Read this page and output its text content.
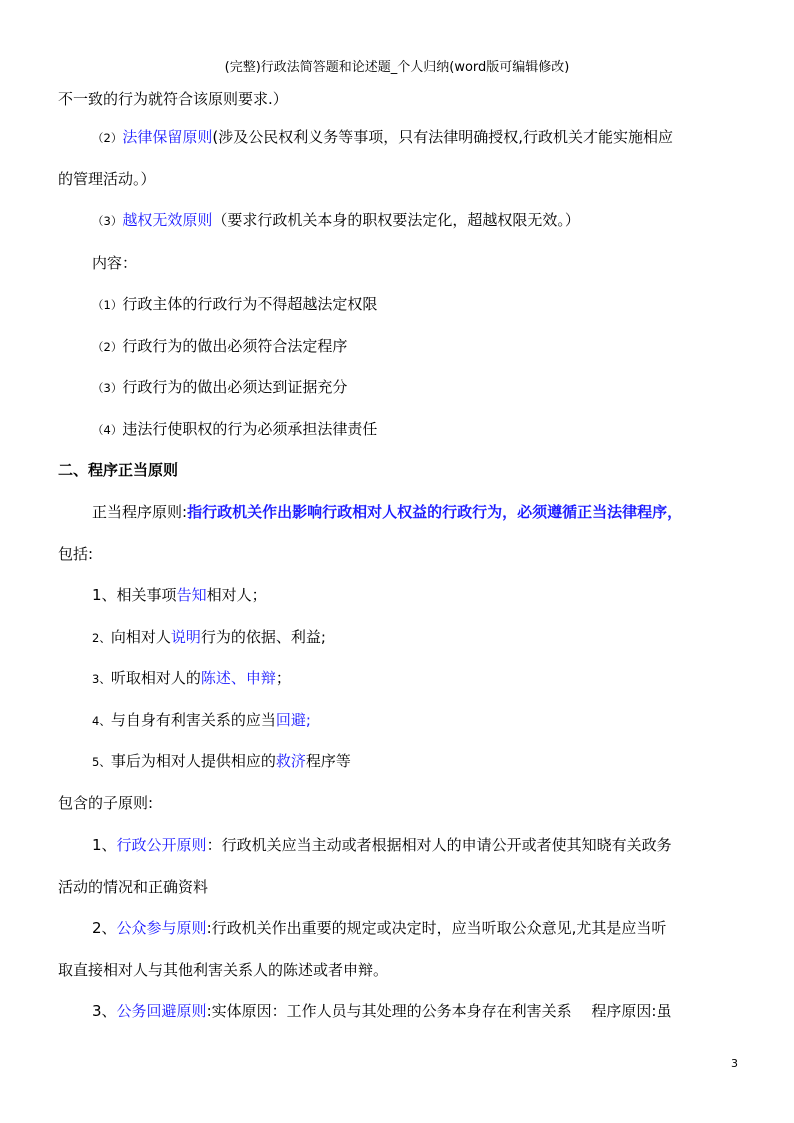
(完整)行政法简答题和论述题_个人归纳(word版可编辑修改)
不一致的行为就符合该原则要求.）
（2）法律保留原则(涉及公民权利义务等事项，只有法律明确授权,行政机关才能实施相应
的管理活动。）
（3）越权无效原则（要求行政机关本身的职权要法定化，超越权限无效。）
内容：
（1）行政主体的行政行为不得超越法定权限
（2）行政行为的做出必须符合法定程序
（3）行政行为的做出必须达到证据充分
（4）违法行使职权的行为必须承担法律责任
二、程序正当原则
正当程序原则:指行政机关作出影响行政相对人权益的行政行为，必须遵循正当法律程序，
包括:
1、相关事项告知相对人；
2、向相对人说明行为的依据、利益;
3、听取相对人的陈述、申辩；
4、与自身有利害关系的应当回避;
5、事后为相对人提供相应的救济程序等
包含的子原则:
1、行政公开原则：行政机关应当主动或者根据相对人的申请公开或者使其知晓有关政务
活动的情况和正确资料
2、公众参与原则:行政机关作出重要的规定或决定时，应当听取公众意见,尤其是应当听
取直接相对人与其他利害关系人的陈述或者申辩。
3、公务回避原则:实体原因：工作人员与其处理的公务本身存在利害关系　 程序原因:虽
3
